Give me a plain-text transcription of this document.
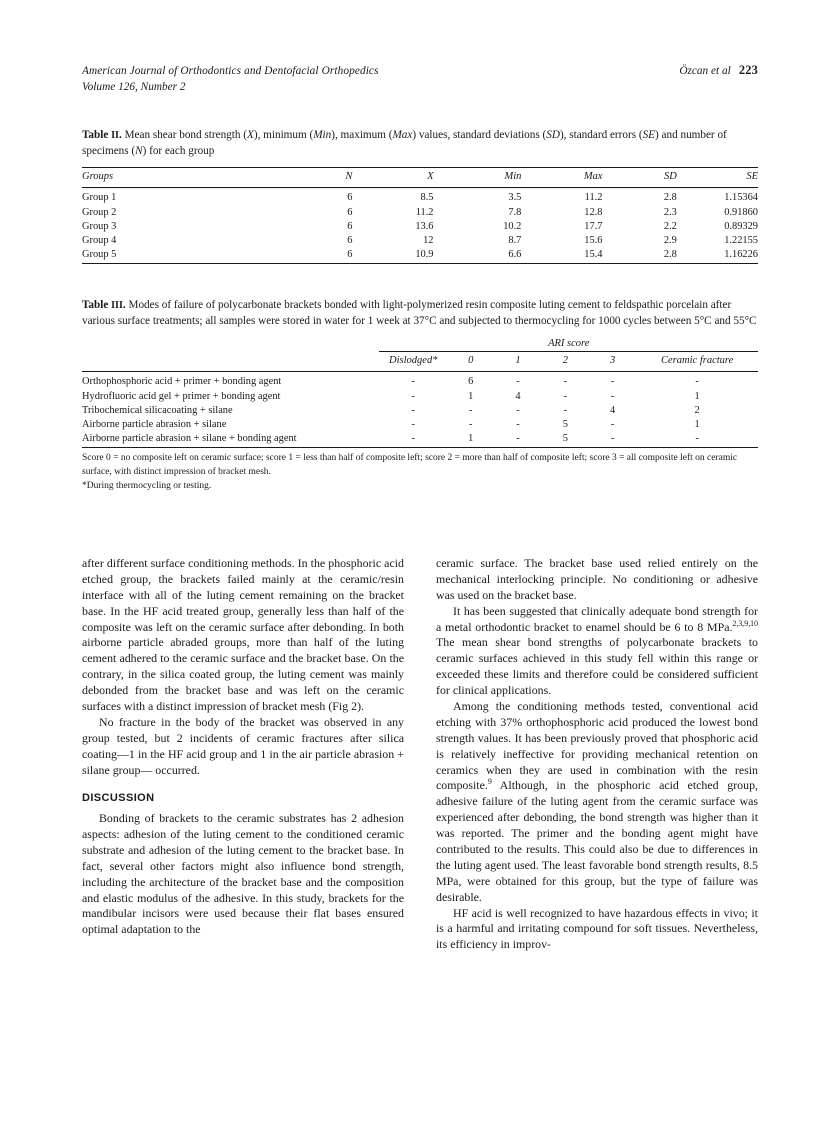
American Journal of Orthodontics and Dentofacial Orthopedics	Özcan et al 223
Volume 126, Number 2
Table II. Mean shear bond strength (X), minimum (Min), maximum (Max) values, standard deviations (SD), standard errors (SE) and number of specimens (N) for each group
Groups	N	X	Min	Max	SD	SE
Group 1	6	8.5	3.5	11.2	2.8	1.15364
Group 2	6	11.2	7.8	12.8	2.3	0.91860
Group 3	6	13.6	10.2	17.7	2.2	0.89329
Group 4	6	12	8.7	15.6	2.9	1.22155
Group 5	6	10.9	6.6	15.4	2.8	1.16226
Table III. Modes of failure of polycarbonate brackets bonded with light-polymerized resin composite luting cement to feldspathic porcelain after various surface treatments; all samples were stored in water for 1 week at 37°C and subjected to thermocycling for 1000 cycles between 5°C and 55°C
	ARI score					
	Dislodged*	0	1	2	3	Ceramic fracture
Orthophosphoric acid + primer + bonding agent	-	6	-	-	-	-
Hydrofluoric acid gel + primer + bonding agent	-	1	4	-	-	1
Tribochemical silicacoating + silane	-	-	-	-	4	2
Airborne particle abrasion + silane	-	-	-	5	-	1
Airborne particle abrasion + silane + bonding agent	-	1	-	5	-	-

Score 0 = no composite left on ceramic surface; score 1 = less than half of composite left; score 2 = more than half of composite left; score 3 = all composite left on ceramic surface, with distinct impression of bracket mesh.

*During thermocycling or testing.

after different surface conditioning methods. In the phosphoric acid etched group, the brackets failed mainly at the ceramic/resin interface with all of the luting cement remaining on the bracket base. In the HF acid treated group, generally less than half of the composite was left on the ceramic surface after debonding. In both airborne particle abraded groups, more than half of the luting cement adhered to the ceramic surface and the bracket base. On the contrary, in the silica coated group, the luting cement was mainly debonded from the bracket base and was left on the ceramic surfaces with a distinct impression of bracket mesh (Fig 2).

No fracture in the body of the bracket was observed in any group tested, but 2 incidents of ceramic fractures after silica coating—1 in the HF acid group and 1 in the air particle abrasion + silane group— occurred.

DISCUSSION

Bonding of brackets to the ceramic substrates has 2 adhesion aspects: adhesion of the luting cement to the conditioned ceramic substrate and adhesion of the luting cement to the bracket base. In fact, several other factors might also influence bond strength, including the architecture of the bracket base and the composition and elastic modulus of the adhesive. In this study, brackets for the mandibular incisors were used because their flat bases ensured optimal adaptation to the

ceramic surface. The bracket base used relied entirely on the mechanical interlocking principle. No conditioning or adhesive was used on the bracket base.

It has been suggested that clinically adequate bond strength for a metal orthodontic bracket to enamel should be 6 to 8 MPa.$^{2,3,9,10}$ The mean shear bond strengths of polycarbonate brackets to ceramic surfaces achieved in this study fell within this range or exceeded these limits and therefore could be considered sufficient for clinical applications.

Among the conditioning methods tested, conventional acid etching with 37% orthophosphoric acid produced the lowest bond strength values. It has been previously proved that phosphoric acid is relatively ineffective for providing mechanical retention on ceramics when they are used in combination with the resin composite.$^9$ Although, in the phosphoric acid etched group, adhesive failure of the luting agent from the ceramic surface was experienced after debonding, the bond strength was higher than it was reported. The primer and the bonding agent might have contributed to the results. This could also be due to differences in the luting agent used. The least favorable bond strength results, 8.5 MPa, were obtained for this group, but the type of failure was desirable.

HF acid is well recognized to have hazardous effects in vivo; it is a harmful and irritating compound for soft tissues. Nevertheless, its efficiency in improv-
